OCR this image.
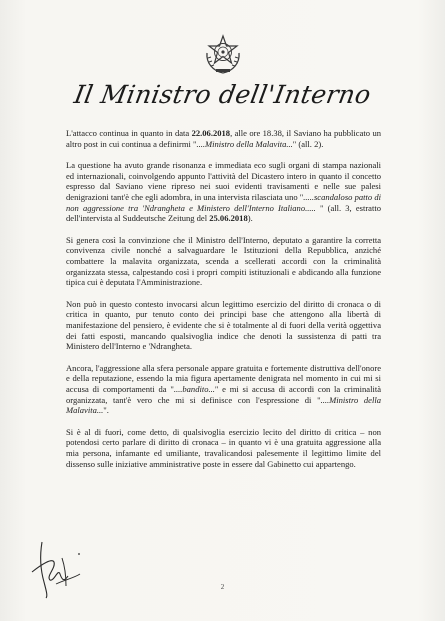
Il Ministro dell'Interno

L'attacco continua in quanto in data 22.06.2018, alle ore 18.38, il Saviano ha pubblicato un altro post in cui continua a definirmi "....Ministro della Malavita..." (all. 2).

La questione ha avuto grande risonanza e immediata eco sugli organi di stampa nazionali ed internazionali, coinvolgendo appunto l'attività del Dicastero intero in quanto il concetto espresso dal Saviano viene ripreso nei suoi evidenti travisamenti e nelle sue palesi denigrazioni tant'è che egli adombra, in una intervista rilasciata uno ".....scandaloso patto di non aggressione tra 'Ndrangheta e Ministero dell'Interno Italiano..... " (all. 3, estratto dell'intervista al Suddeutsche Zeitung del 25.06.2018).

Si genera così la convinzione che il Ministro dell'Interno, deputato a garantire la corretta convivenza civile nonché a salvaguardare le Istituzioni della Repubblica, anziché combattere la malavita organizzata, scenda a scellerati accordi con la criminalità organizzata stessa, calpestando così i propri compiti istituzionali e abdicando alla funzione tipica cui è deputata l'Amministrazione.

Non può in questo contesto invocarsi alcun legittimo esercizio del diritto di cronaca o di critica in quanto, pur tenuto conto dei principi base che attengono alla libertà di manifestazione del pensiero, è evidente che si è totalmente al di fuori della verità oggettiva dei fatti esposti, mancando qualsivoglia indice che denoti la sussistenza di patti tra Ministero dell'Interno e 'Ndrangheta.

Ancora, l'aggressione alla sfera personale appare gratuita e fortemente distruttiva dell'onore e della reputazione, essendo la mia figura apertamente denigrata nel momento in cui mi si accusa di comportamenti da "....bandito..." e mi si accusa di accordi con la criminalità organizzata, tant'è vero che mi si definisce con l'espressione di "....Ministro della Malavita...".

Si è al di fuori, come detto, di qualsivoglia esercizio lecito del diritto di critica – non potendosi certo parlare di diritto di cronaca – in quanto vi è una gratuita aggressione alla mia persona, infamante ed umiliante, travalicandosi palesemente il legittimo limite del dissenso sulle iniziative amministrative poste in essere dal Gabinetto cui appartengo.

2
